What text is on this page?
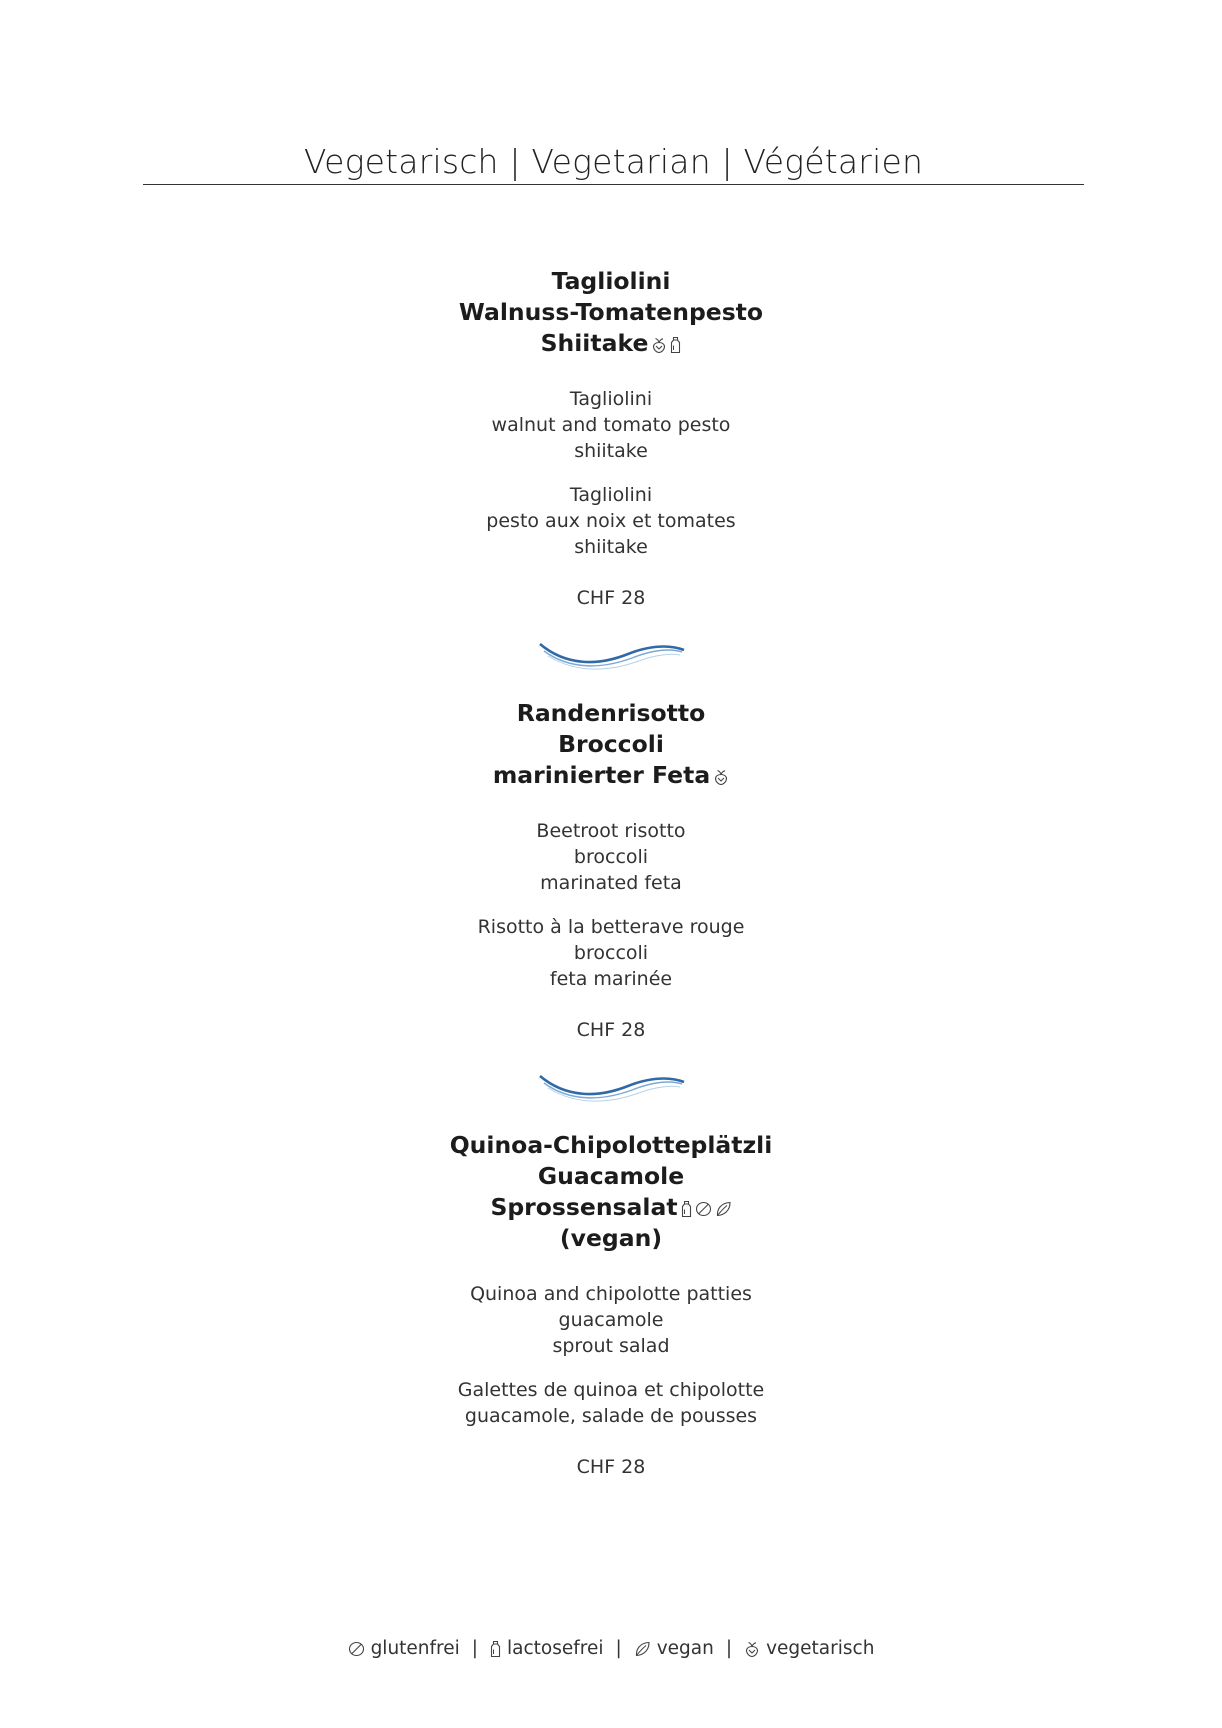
Vegetarisch | Vegetarian | Végétarien
Tagliolini
Walnuss-Tomatenpesto
Shiitake
Tagliolini
walnut and tomato pesto
shiitake
Tagliolini
pesto aux noix et tomates
shiitake
CHF 28
Randenrisotto
Broccoli
marinierter Feta
Beetroot risotto
broccoli
marinated feta
Risotto à la betterave rouge
broccoli
feta marinée
CHF 28
Quinoa-Chipolotteplätzli
Guacamole
Sprossensalat
(vegan)
Quinoa and chipolotte patties
guacamole
sprout salad
Galettes de quinoa et chipolotte
guacamole, salade de pousses
CHF 28
glutenfrei | lactosefrei | vegan | vegetarisch
